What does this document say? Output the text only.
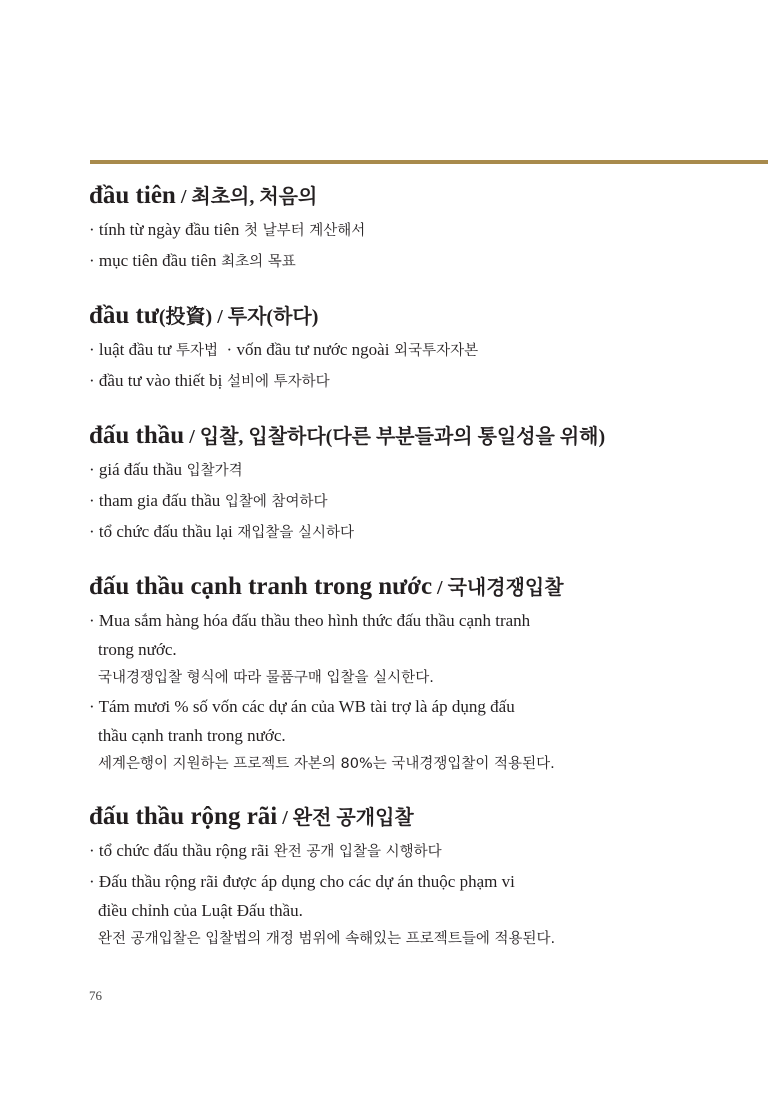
đầu tiên / 최초의, 처음의
· tính từ ngày đầu tiên 첫 날부터 계산해서
· mục tiên đầu tiên 최초의 목표
đầu tư(投資) / 투자(하다)
· luật đầu tư 투자법  · vốn đầu tư nước ngoài 외국투자자본
· đầu tư vào thiết bị 설비에 투자하다
đấu thầu / 입찰, 입찰하다(다른 부분들과의 통일성을 위해)
· giá đấu thầu 입찰가격
· tham gia đấu thầu 입찰에 참여하다
· tổ chức đấu thầu lại 재입찰을 실시하다
đấu thầu cạnh tranh trong nước / 국내경쟁입찰
· Mua sắm hàng hóa đấu thầu theo hình thức đấu thầu cạnh tranh
trong nước.
국내경쟁입찰 형식에 따라 물품구매 입찰을 실시한다.
· Tám mươi % số vốn các dự án của WB tài trợ là áp dụng đấu
thầu cạnh tranh trong nước.
세계은행이 지원하는 프로젝트 자본의 80%는 국내경쟁입찰이 적용된다.
đấu thầu rộng rãi / 완전 공개입찰
· tổ chức đấu thầu rộng rãi 완전 공개 입찰을 시행하다
· Đấu thầu rộng rãi được áp dụng cho các dự án thuộc phạm vi
điều chỉnh của Luật Đấu thầu.
완전 공개입찰은 입찰법의 개정 범위에 속해있는 프로젝트들에 적용된다.
76
